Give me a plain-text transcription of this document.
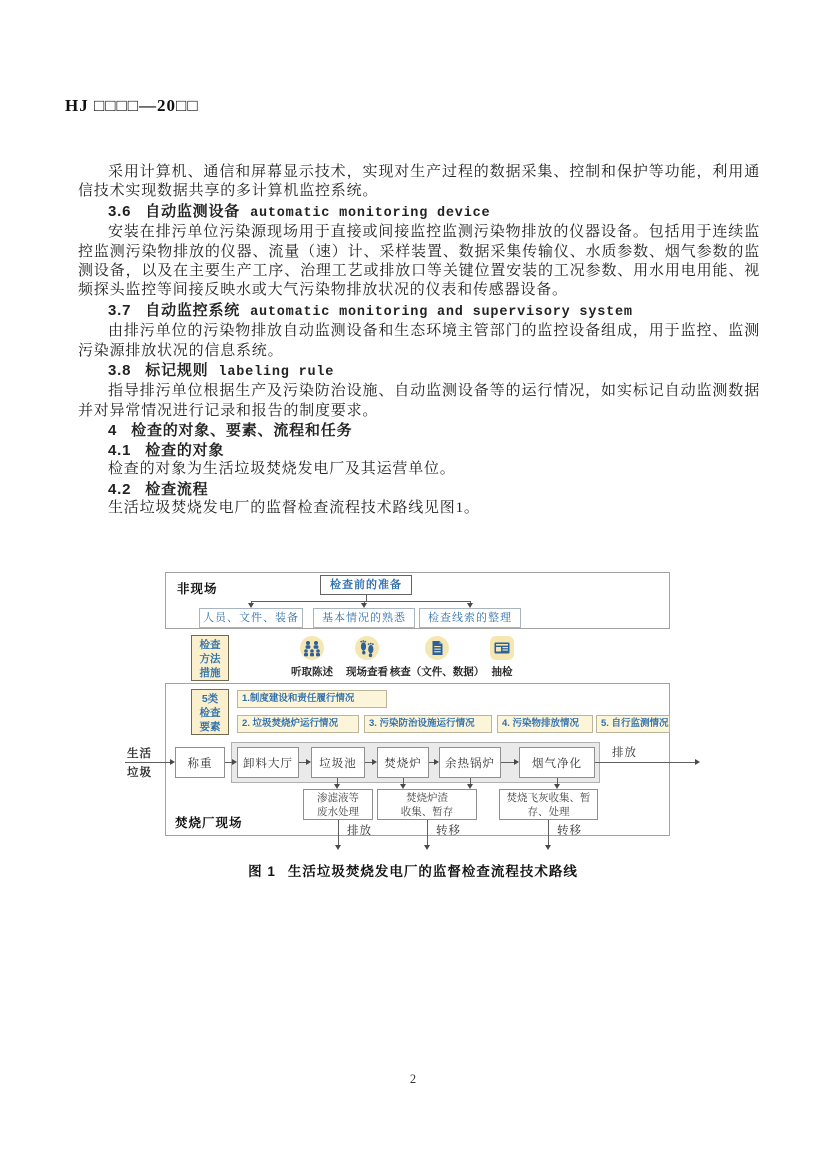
HJ □□□□—20□□

采用计算机、通信和屏幕显示技术，实现对生产过程的数据采集、控制和保护等功能，利用通信技术实现数据共享的多计算机监控系统。

3.6 自动监测设备 automatic monitoring device

安装在排污单位污染源现场用于直接或间接监控监测污染物排放的仪器设备。包括用于连续监控监测污染物排放的仪器、流量（速）计、采样装置、数据采集传输仪、水质参数、烟气参数的监测设备，以及在主要生产工序、治理工艺或排放口等关键位置安装的工况参数、用水用电用能、视频探头监控等间接反映水或大气污染物排放状况的仪表和传感器设备。

3.7 自动监控系统 automatic monitoring and supervisory system

由排污单位的污染物排放自动监测设备和生态环境主管部门的监控设备组成，用于监控、监测污染源排放状况的信息系统。

3.8 标记规则 labeling rule

指导排污单位根据生产及污染防治设施、自动监测设备等的运行情况，如实标记自动监测数据并对异常情况进行记录和报告的制度要求。

4 检查的对象、要素、流程和任务

4.1 检查的对象

检查的对象为生活垃圾焚烧发电厂及其运营单位。

4.2 检查流程

生活垃圾焚烧发电厂的监督检查流程技术路线见图1。

非现场	检查前的准备
人员、文件、装备	基本情况的熟悉	检查线索的整理
检查
方法
措施	听取陈述 现场查看 核查（文件、数据） 抽检
焚烧厂现场
5类
检查
要素
1.制度建设和责任履行情况
2. 垃圾焚烧炉运行情况	3. 污染防治设施运行情况	4. 污染物排放情况	5. 自行监测情况
生活
垃圾
称重	卸料大厅	垃圾池	焚烧炉	余热锅炉	烟气净化
排放
渗滤液等
废水处理
焚烧炉渣
收集、暂存
焚烧飞灰收集、暂
存、处理
排放	转移	转移
图 1 生活垃圾焚烧发电厂的监督检查流程技术路线
2
